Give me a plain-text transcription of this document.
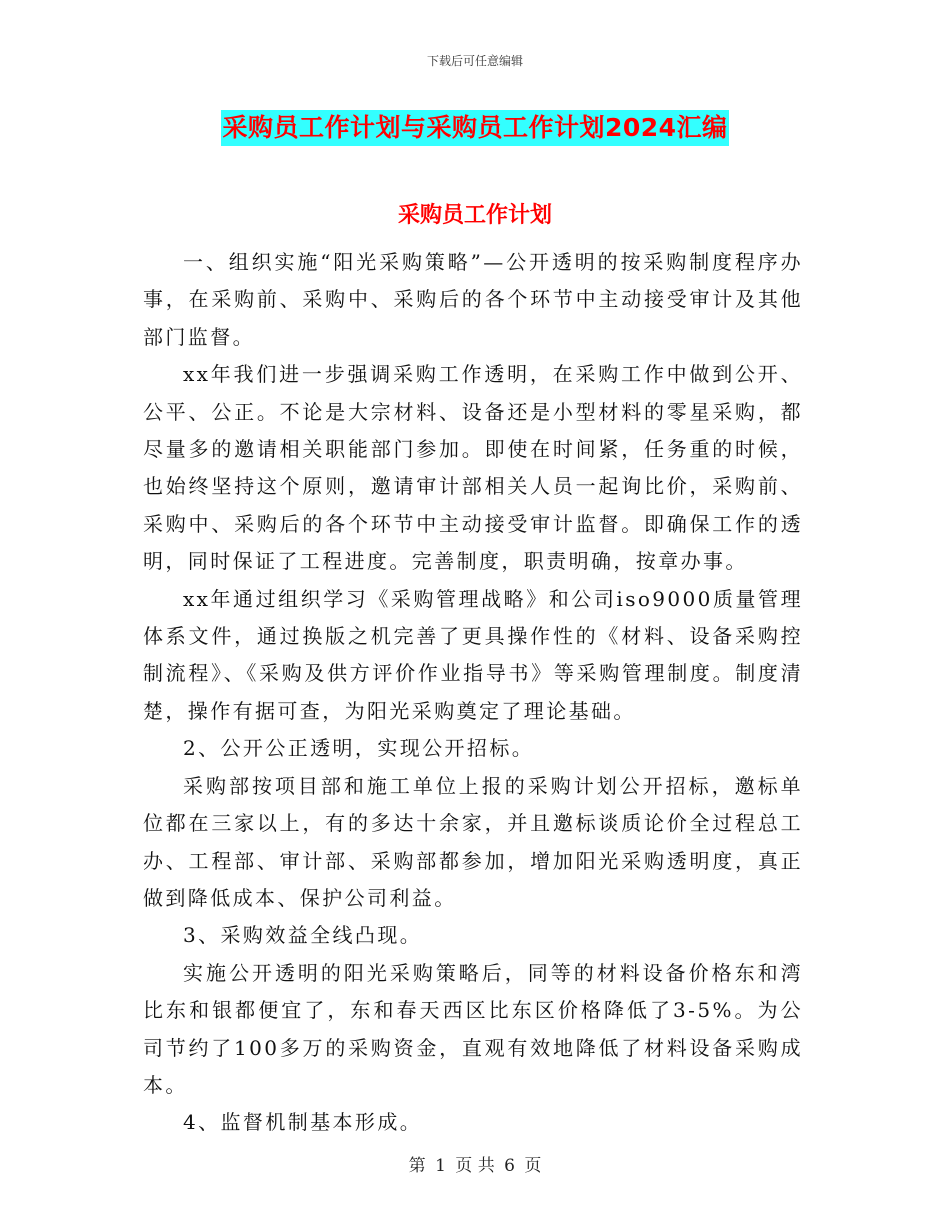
下载后可任意编辑
采购员工作计划与采购员工作计划2024汇编
采购员工作计划

一、组织实施“阳光采购策略”—公开透明的按采购制度程序办事，在采购前、采购中、采购后的各个环节中主动接受审计及其他部门监督。

xx年我们进一步强调采购工作透明，在采购工作中做到公开、公平、公正。不论是大宗材料、设备还是小型材料的零星采购，都尽量多的邀请相关职能部门参加。即使在时间紧，任务重的时候，也始终坚持这个原则，邀请审计部相关人员一起询比价，采购前、采购中、采购后的各个环节中主动接受审计监督。即确保工作的透明，同时保证了工程进度。完善制度，职责明确，按章办事。

xx年通过组织学习《采购管理战略》和公司iso9000质量管理体系文件，通过换版之机完善了更具操作性的《材料、设备采购控制流程》、《采购及供方评价作业指导书》等采购管理制度。制度清楚，操作有据可查，为阳光采购奠定了理论基础。

2、公开公正透明，实现公开招标。

采购部按项目部和施工单位上报的采购计划公开招标，邀标单位都在三家以上，有的多达十余家，并且邀标谈质论价全过程总工办、工程部、审计部、采购部都参加，增加阳光采购透明度，真正做到降低成本、保护公司利益。

3、采购效益全线凸现。

实施公开透明的阳光采购策略后，同等的材料设备价格东和湾比东和银都便宜了，东和春天西区比东区价格降低了3-5%。为公司节约了100多万的采购资金，直观有效地降低了材料设备采购成本。

4、监督机制基本形成。

第 1 页 共 6 页
